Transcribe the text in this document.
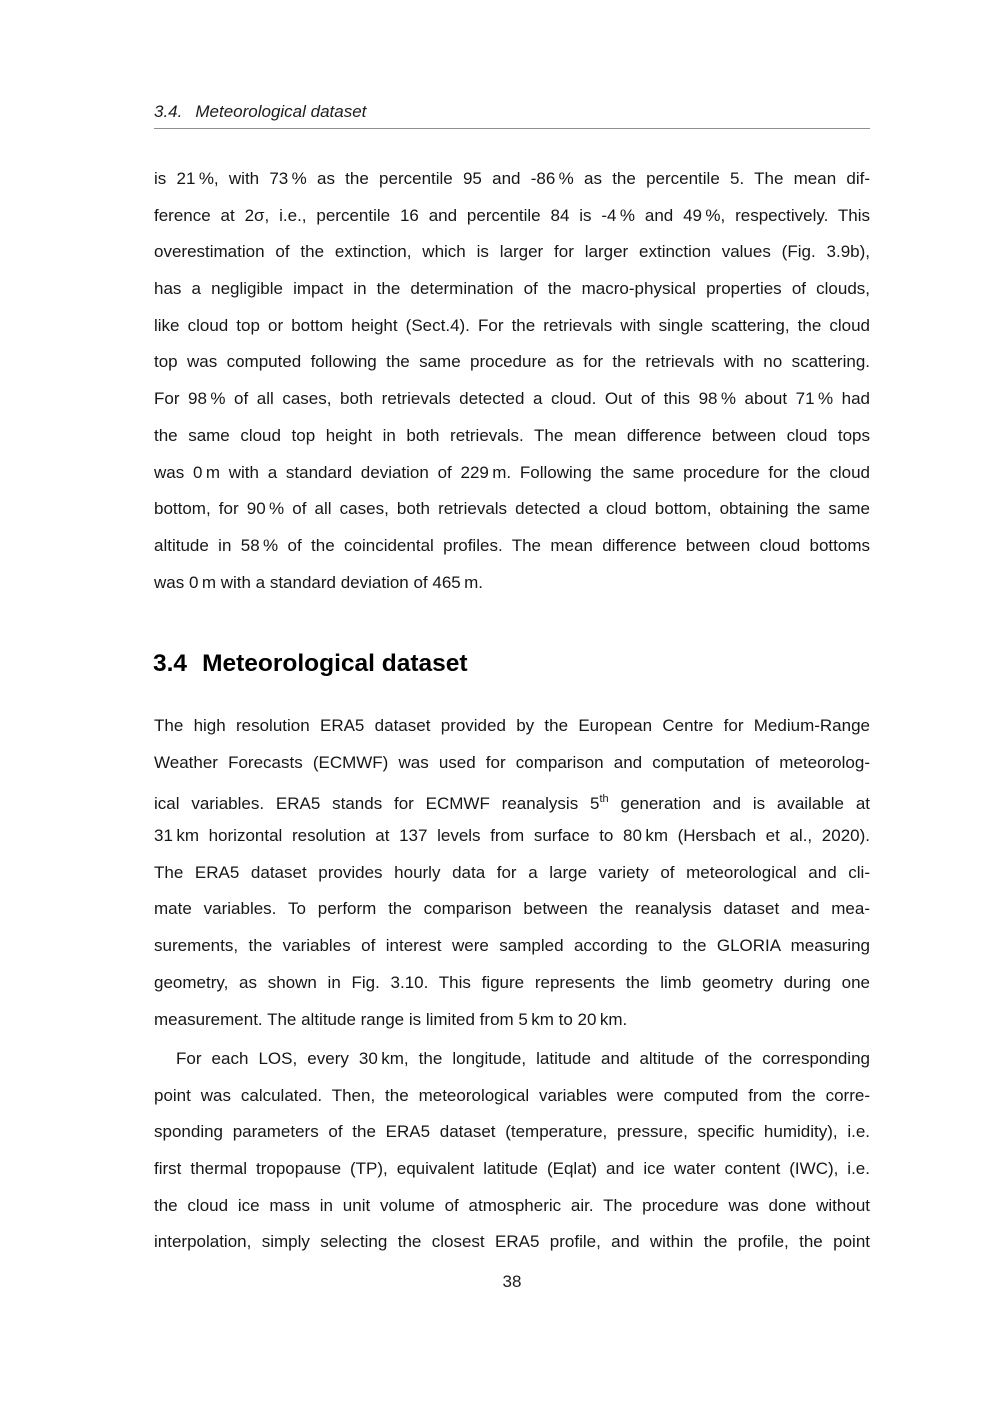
3.4. Meteorological dataset
is 21 %, with 73 % as the percentile 95 and -86 % as the percentile 5. The mean dif-
ference at 2σ, i.e., percentile 16 and percentile 84 is -4 % and 49 %, respectively. This
overestimation of the extinction, which is larger for larger extinction values (Fig. 3.9b),
has a negligible impact in the determination of the macro-physical properties of clouds,
like cloud top or bottom height (Sect.4). For the retrievals with single scattering, the cloud
top was computed following the same procedure as for the retrievals with no scattering.
For 98 % of all cases, both retrievals detected a cloud. Out of this 98 % about 71 % had
the same cloud top height in both retrievals. The mean difference between cloud tops
was 0 m with a standard deviation of 229 m. Following the same procedure for the cloud
bottom, for 90 % of all cases, both retrievals detected a cloud bottom, obtaining the same
altitude in 58 % of the coincidental profiles. The mean difference between cloud bottoms
was 0 m with a standard deviation of 465 m.
3.4 Meteorological dataset
The high resolution ERA5 dataset provided by the European Centre for Medium-Range
Weather Forecasts (ECMWF) was used for comparison and computation of meteorolog-
ical variables. ERA5 stands for ECMWF reanalysis 5th generation and is available at
31 km horizontal resolution at 137 levels from surface to 80 km (Hersbach et al., 2020).
The ERA5 dataset provides hourly data for a large variety of meteorological and cli-
mate variables. To perform the comparison between the reanalysis dataset and mea-
surements, the variables of interest were sampled according to the GLORIA measuring
geometry, as shown in Fig. 3.10. This figure represents the limb geometry during one
measurement. The altitude range is limited from 5 km to 20 km.
For each LOS, every 30 km, the longitude, latitude and altitude of the corresponding
point was calculated. Then, the meteorological variables were computed from the corre-
sponding parameters of the ERA5 dataset (temperature, pressure, specific humidity), i.e.
first thermal tropopause (TP), equivalent latitude (Eqlat) and ice water content (IWC), i.e.
the cloud ice mass in unit volume of atmospheric air. The procedure was done without
interpolation, simply selecting the closest ERA5 profile, and within the profile, the point
38
